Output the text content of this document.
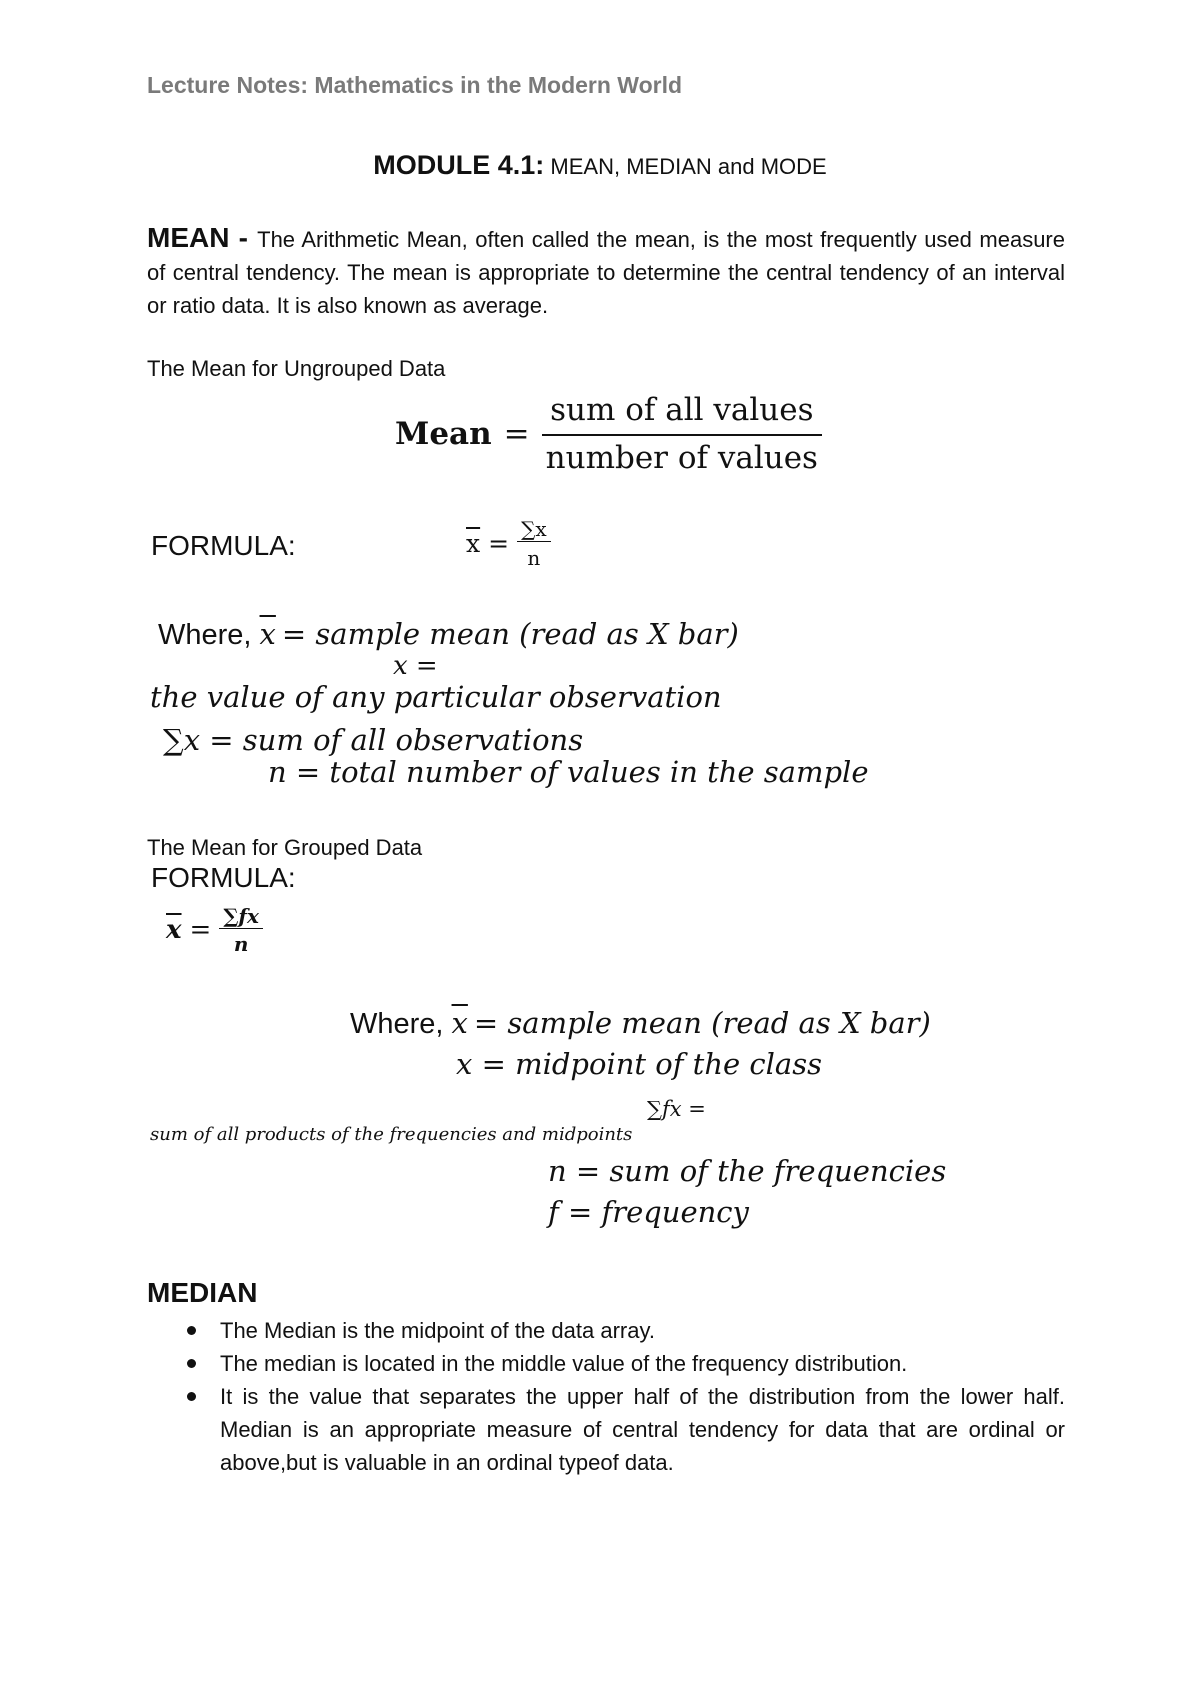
Lecture Notes: Mathematics in the Modern World
MODULE 4.1: MEAN, MEDIAN and MODE
MEAN - The Arithmetic Mean, often called the mean, is the most frequently used measure of central tendency. The mean is appropriate to determine the central tendency of an interval or ratio data. It is also known as average.
The Mean for Ungrouped Data
Mean = $\frac{\text{sum of all values}}{\text{number of values}}$
FORMULA:	$\overline{x} = \frac{\sum x}{n}$
Where, $\overline{x}$ = sample mean (read as X bar)
x =
the value of any particular observation
∑x = sum of all observations
n = total number of values in the sample
The Mean for Grouped Data
FORMULA:
$\overline{x} = \frac{\sum fx}{n}$
Where, $\overline{x}$ = sample mean (read as X bar)
x = midpoint of the class
∑fx =
sum of all products of the frequencies and midpoints
n = sum of the frequencies
f = frequency
MEDIAN
The Median is the midpoint of the data array.
The median is located in the middle value of the frequency distribution.
It is the value that separates the upper half of the distribution from the lower half. Median is an appropriate measure of central tendency for data that are ordinal or above,but is valuable in an ordinal typeof data.
